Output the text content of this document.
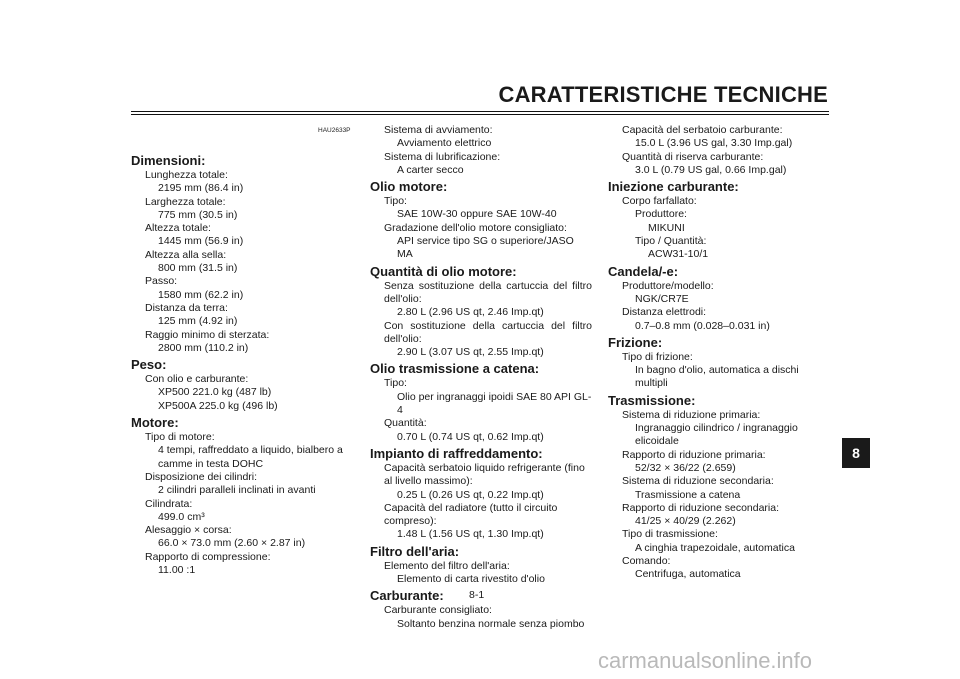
CARATTERISTICHE TECNICHE
HAU2633P
Dimensioni:
Lunghezza totale:
2195 mm (86.4 in)
Larghezza totale:
775 mm (30.5 in)
Altezza totale:
1445 mm (56.9 in)
Altezza alla sella:
800 mm (31.5 in)
Passo:
1580 mm (62.2 in)
Distanza da terra:
125 mm (4.92 in)
Raggio minimo di sterzata:
2800 mm (110.2 in)
Peso:
Con olio e carburante:
XP500 221.0 kg (487 lb)
XP500A 225.0 kg (496 lb)
Motore:
Tipo di motore:
4 tempi, raffreddato a liquido, bialbero a camme in testa DOHC
Disposizione dei cilindri:
2 cilindri paralleli inclinati in avanti
Cilindrata:
499.0 cm³
Alesaggio × corsa:
66.0 × 73.0 mm (2.60 × 2.87 in)
Rapporto di compressione:
11.00 :1
Sistema di avviamento:
Avviamento elettrico
Sistema di lubrificazione:
A carter secco
Olio motore:
Tipo:
SAE 10W-30 oppure SAE 10W-40
Gradazione dell'olio motore consigliato:
API service tipo SG o superiore/JASO MA
Quantità di olio motore:
Senza sostituzione della cartuccia del filtro dell'olio:
2.80 L (2.96 US qt, 2.46 Imp.qt)
Con sostituzione della cartuccia del filtro dell'olio:
2.90 L (3.07 US qt, 2.55 Imp.qt)
Olio trasmissione a catena:
Tipo:
Olio per ingranaggi ipoidi SAE 80 API GL-4
Quantità:
0.70 L (0.74 US qt, 0.62 Imp.qt)
Impianto di raffreddamento:
Capacità serbatoio liquido refrigerante (fino al livello massimo):
0.25 L (0.26 US qt, 0.22 Imp.qt)
Capacità del radiatore (tutto il circuito compreso):
1.48 L (1.56 US qt, 1.30 Imp.qt)
Filtro dell'aria:
Elemento del filtro dell'aria:
Elemento di carta rivestito d'olio
Carburante:
Carburante consigliato:
Soltanto benzina normale senza piombo
Capacità del serbatoio carburante:
15.0 L (3.96 US gal, 3.30 Imp.gal)
Quantità di riserva carburante:
3.0 L (0.79 US gal, 0.66 Imp.gal)
Iniezione carburante:
Corpo farfallato:
Produttore:
MIKUNI
Tipo / Quantità:
ACW31-10/1
Candela/-e:
Produttore/modello:
NGK/CR7E
Distanza elettrodi:
0.7–0.8 mm (0.028–0.031 in)
Frizione:
Tipo di frizione:
In bagno d'olio, automatica a dischi multipli
Trasmissione:
Sistema di riduzione primaria:
Ingranaggio cilindrico / ingranaggio elicoidale
Rapporto di riduzione primaria:
52/32 × 36/22 (2.659)
Sistema di riduzione secondaria:
Trasmissione a catena
Rapporto di riduzione secondaria:
41/25 × 40/29 (2.262)
Tipo di trasmissione:
A cinghia trapezoidale, automatica
Comando:
Centrifuga, automatica
8
8-1
carmanualsonline.info
